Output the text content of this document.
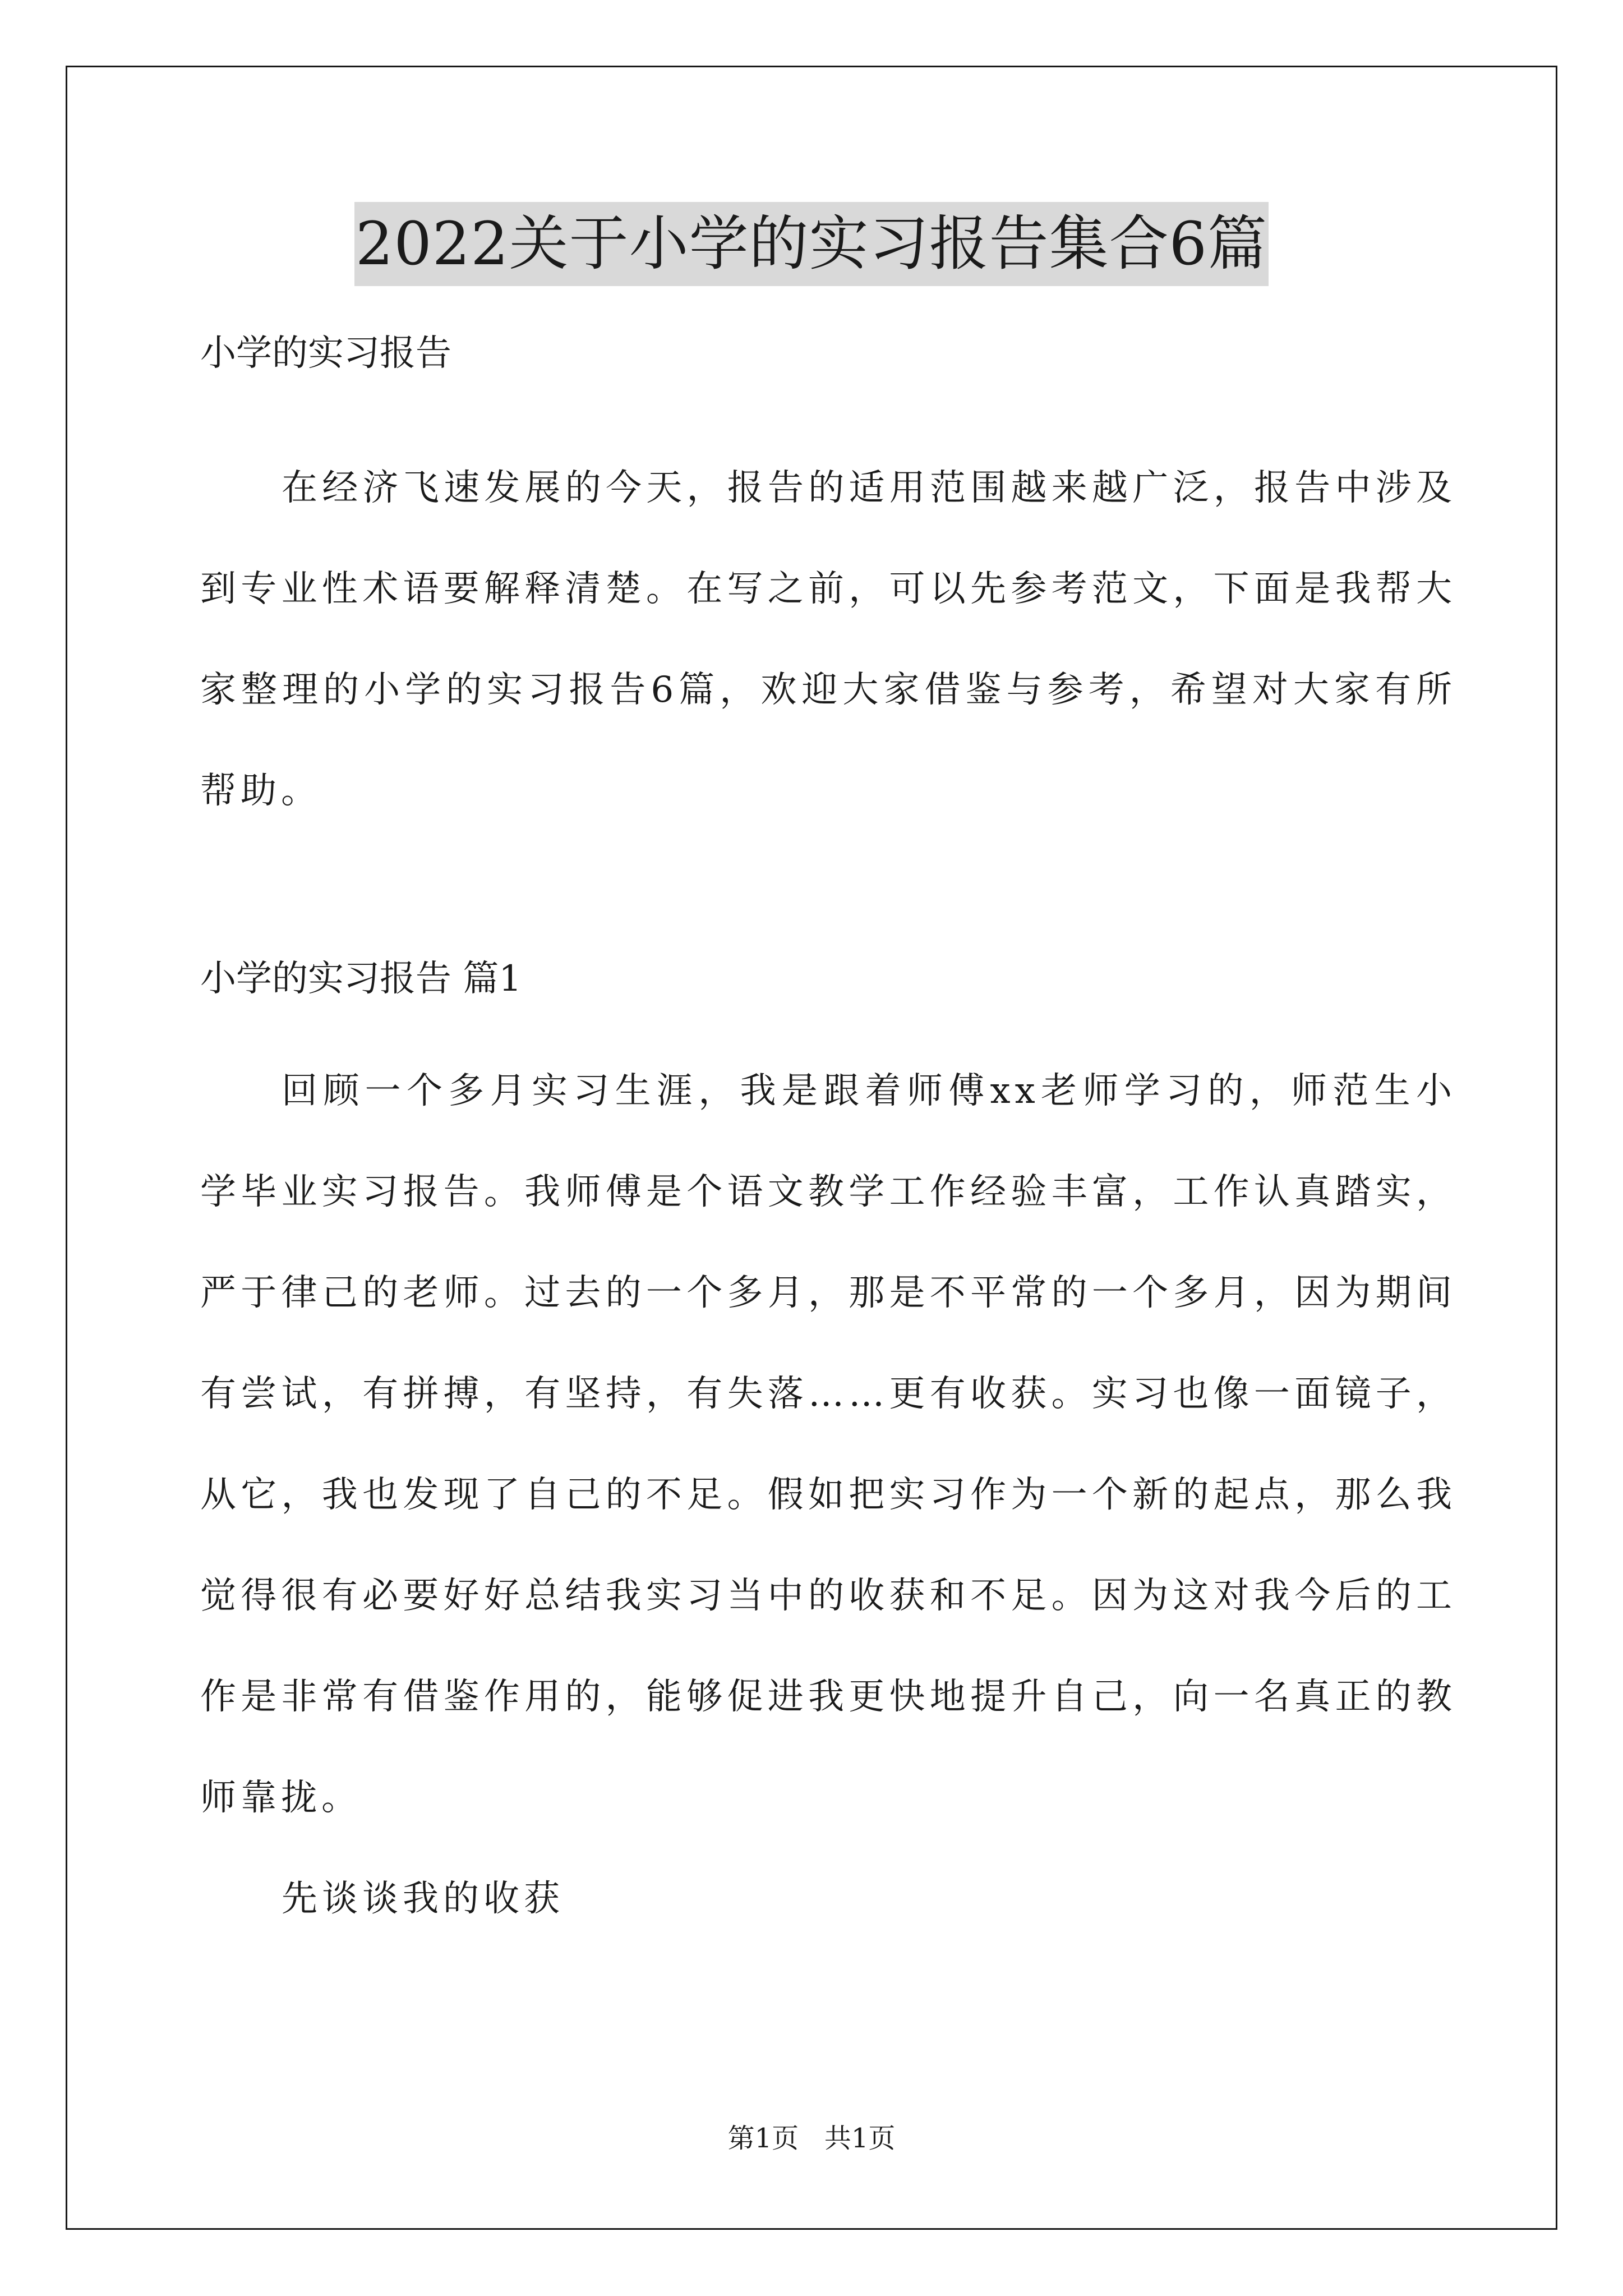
2022关于小学的实习报告集合6篇

小学的实习报告

在经济飞速发展的今天，报告的适用范围越来越广泛，报告中涉及到专业性术语要解释清楚。在写之前，可以先参考范文，下面是我帮大家整理的小学的实习报告6篇，欢迎大家借鉴与参考，希望对大家有所帮助。

小学的实习报告 篇1

回顾一个多月实习生涯，我是跟着师傅xx老师学习的，师范生小学毕业实习报告。我师傅是个语文教学工作经验丰富，工作认真踏实，严于律己的老师。过去的一个多月，那是不平常的一个多月，因为期间有尝试，有拼搏，有坚持，有失落……更有收获。实习也像一面镜子，从它，我也发现了自己的不足。假如把实习作为一个新的起点，那么我觉得很有必要好好总结我实习当中的收获和不足。因为这对我今后的工作是非常有借鉴作用的，能够促进我更快地提升自己，向一名真正的教师靠拢。

先谈谈我的收获

第1页   共1页
